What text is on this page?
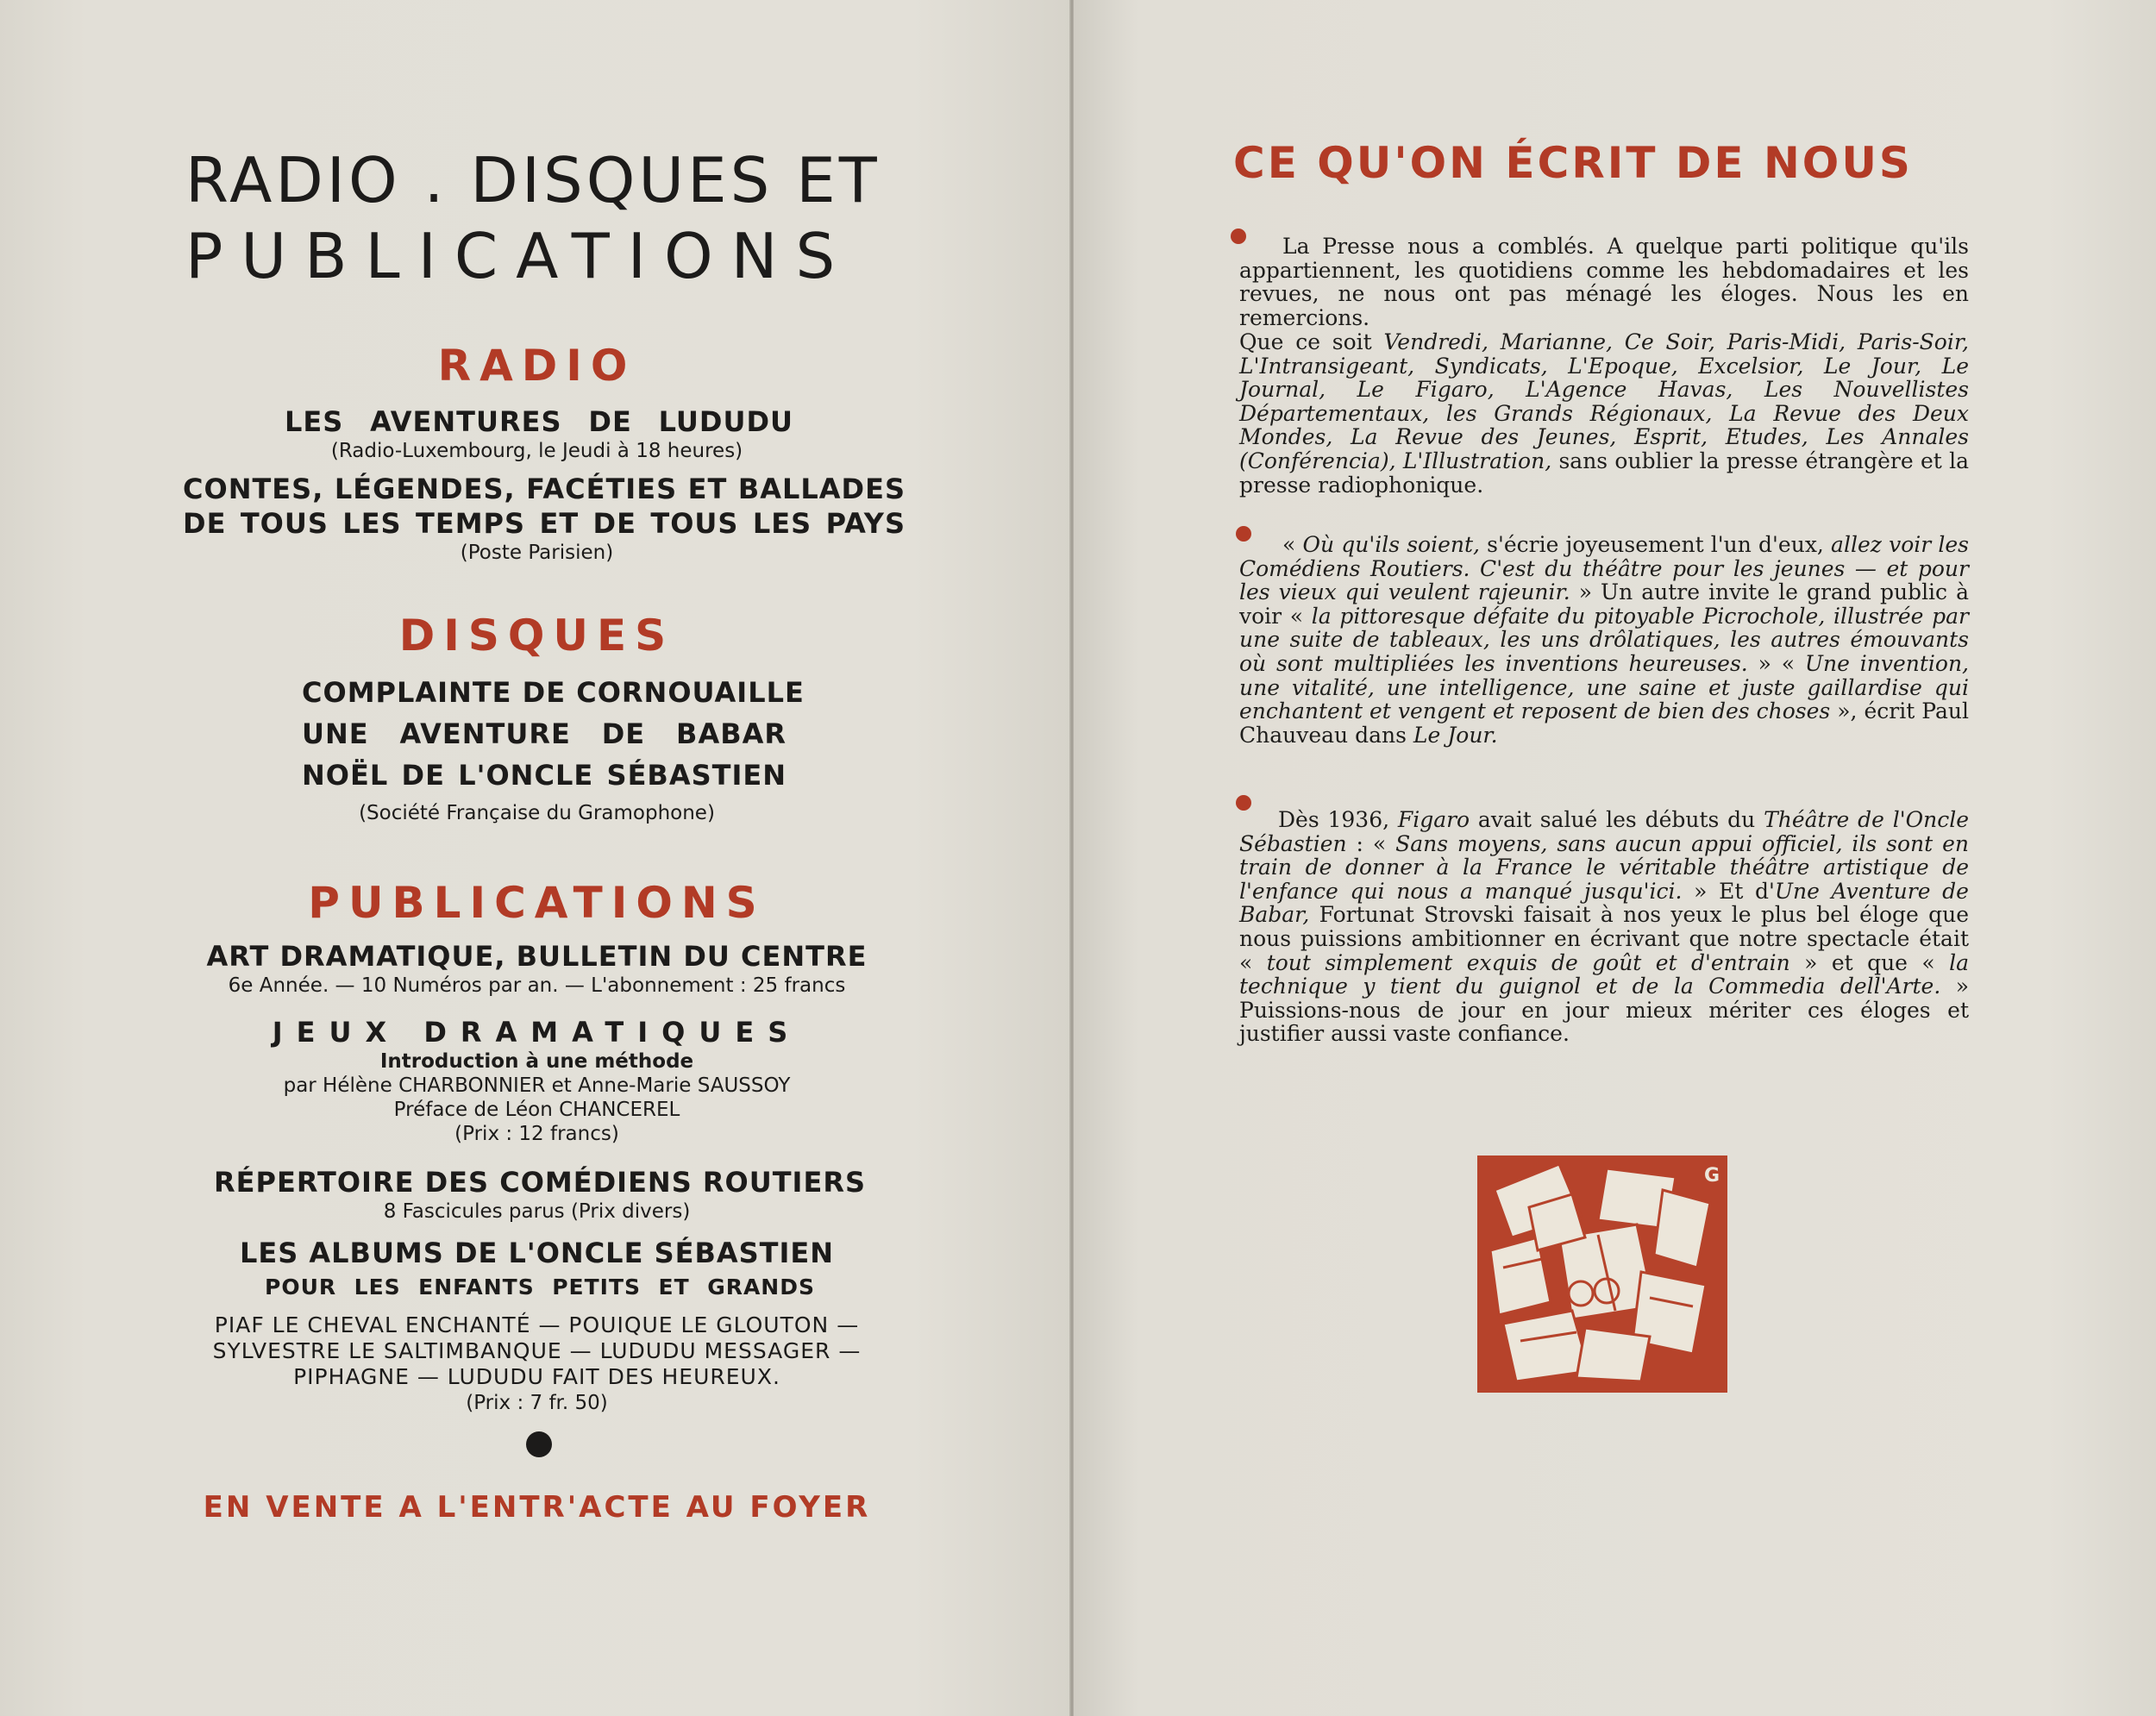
RADIO . DISQUES ET
PUBLICATIONS
RADIO
LES AVENTURES DE LUDUDU
(Radio-Luxembourg, le Jeudi à 18 heures)
CONTES, LÉGENDES, FACÉTIES ET BALLADES
DE TOUS LES TEMPS ET DE TOUS LES PAYS
(Poste Parisien)
DISQUES
COMPLAINTE DE CORNOUAILLE
UNE AVENTURE DE BABAR
NOËL DE L'ONCLE SÉBASTIEN
(Société Française du Gramophone)
PUBLICATIONS
ART DRAMATIQUE, BULLETIN DU CENTRE
6e Année. — 10 Numéros par an. — L'abonnement : 25 francs
JEUX DRAMATIQUES
Introduction à une méthode
par Hélène CHARBONNIER et Anne-Marie SAUSSOY
Préface de Léon CHANCEREL
(Prix : 12 francs)
RÉPERTOIRE DES COMÉDIENS ROUTIERS
8 Fascicules parus (Prix divers)
LES ALBUMS DE L'ONCLE SÉBASTIEN
POUR LES ENFANTS PETITS ET GRANDS
PIAF LE CHEVAL ENCHANTÉ — POUIQUE LE GLOUTON —
SYLVESTRE LE SALTIMBANQUE — LUDUDU MESSAGER —
PIPHAGNE — LUDUDU FAIT DES HEUREUX.
(Prix : 7 fr. 50)
EN VENTE A L'ENTR'ACTE AU FOYER
CE QU'ON ÉCRIT DE NOUS
La Presse nous a comblés. A quelque parti politique qu'ils appartiennent, les quotidiens comme les hebdomadaires et les revues, ne nous ont pas ménagé les éloges. Nous les en remercions.
Que ce soit Vendredi, Marianne, Ce Soir, Paris-Midi, Paris-Soir, L'Intransigeant, Syndicats, L'Epoque, Excelsior, Le Jour, Le Journal, Le Figaro, L'Agence Havas, Les Nouvellistes Départementaux, les Grands Régionaux, La Revue des Deux Mondes, La Revue des Jeunes, Esprit, Etudes, Les Annales (Conférencia), L'Illustration, sans oublier la presse étrangère et la presse radiophonique.
« Où qu'ils soient, s'écrie joyeusement l'un d'eux, allez voir les Comédiens Routiers. C'est du théâtre pour les jeunes — et pour les vieux qui veulent rajeunir. » Un autre invite le grand public à voir « la pittoresque défaite du pitoyable Picrochole, illustrée par une suite de tableaux, les uns drôlatiques, les autres émouvants où sont multipliées les inventions heureuses. » « Une invention, une vitalité, une intelligence, une saine et juste gaillardise qui enchantent et vengent et reposent de bien des choses », écrit Paul Chauveau dans Le Jour.
Dès 1936, Figaro avait salué les débuts du Théâtre de l'Oncle Sébastien : « Sans moyens, sans aucun appui officiel, ils sont en train de donner à la France le véritable théâtre artistique de l'enfance qui nous a manqué jusqu'ici. » Et d'Une Aventure de Babar, Fortunat Strovski faisait à nos yeux le plus bel éloge que nous puissions ambitionner en écrivant que notre spectacle était « tout simplement exquis de goût et d'entrain » et que « la technique y tient du guignol et de la Commedia dell'Arte. » Puissions-nous de jour en jour mieux mériter ces éloges et justifier aussi vaste confiance.
G
